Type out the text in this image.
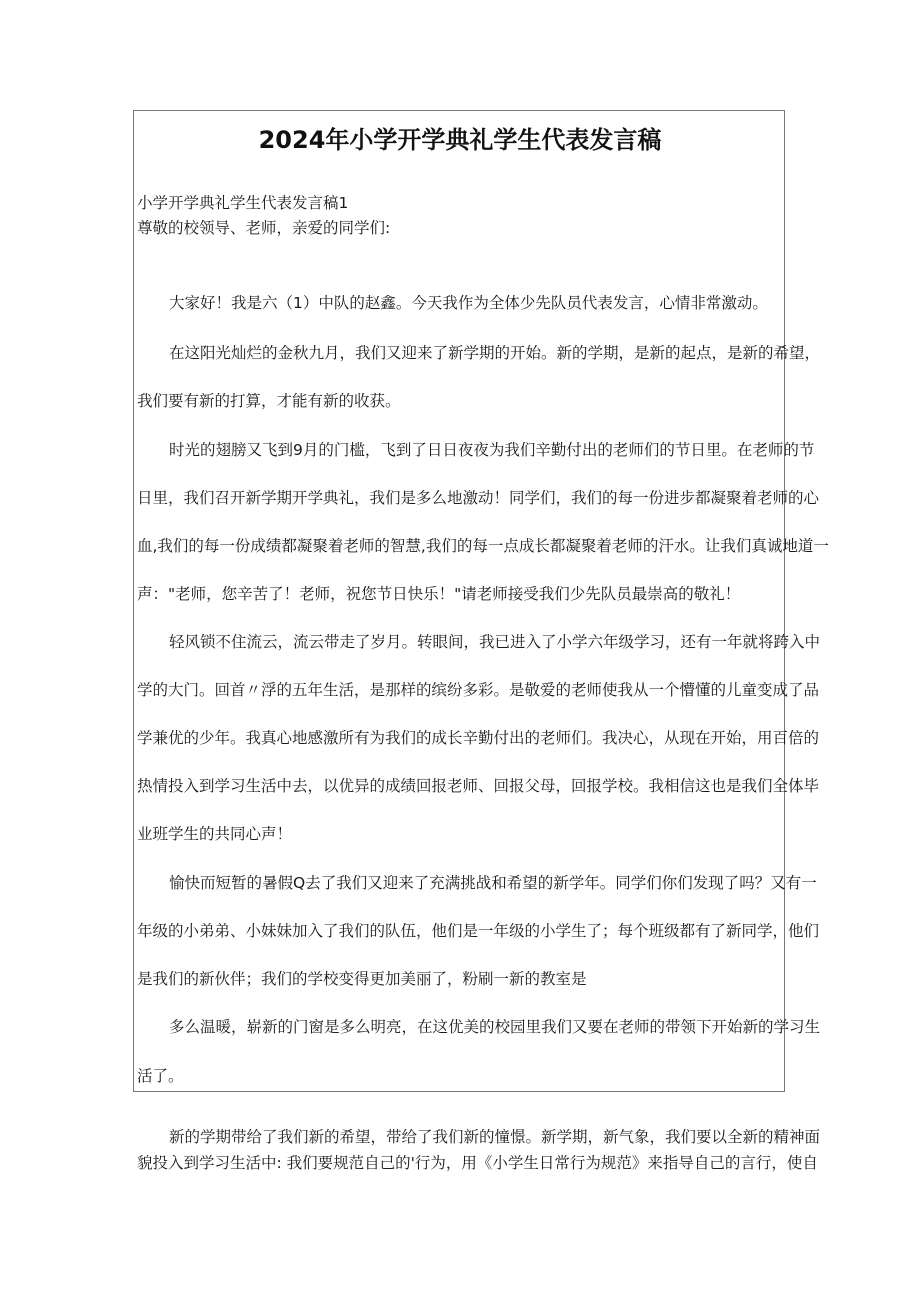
2024年小学开学典礼学生代表发言稿

小学开学典礼学生代表发言稿1

尊敬的校领导、老师，亲爱的同学们:

大家好！我是六（1）中队的赵鑫。今天我作为全体少先队员代表发言，心情非常激动。

在这阳光灿烂的金秋九月，我们又迎来了新学期的开始。新的学期，是新的起点，是新的希望，

我们要有新的打算，才能有新的收获。

时光的翅膀又飞到9月的门槛，飞到了日日夜夜为我们辛勤付出的老师们的节日里。在老师的节

日里，我们召开新学期开学典礼，我们是多么地激动！同学们，我们的每一份进步都凝聚着老师的心

血,我们的每一份成绩都凝聚着老师的智慧,我们的每一点成长都凝聚着老师的汗水。让我们真诚地道一

声："老师，您辛苦了！老师，祝您节日快乐！"请老师接受我们少先队员最崇高的敬礼！

轻风锁不住流云，流云带走了岁月。转眼间，我已进入了小学六年级学习，还有一年就将跨入中

学的大门。回首〃浮的五年生活，是那样的缤纷多彩。是敬爱的老师使我从一个懵懂的儿童变成了品

学兼优的少年。我真心地感激所有为我们的成长辛勤付出的老师们。我决心，从现在开始，用百倍的

热情投入到学习生活中去，以优异的成绩回报老师、回报父母，回报学校。我相信这也是我们全体毕

业班学生的共同心声！

愉快而短暂的暑假Q去了我们又迎来了充满挑战和希望的新学年。同学们你们发现了吗？又有一

年级的小弟弟、小妹妹加入了我们的队伍，他们是一年级的小学生了；每个班级都有了新同学，他们

是我们的新伙伴；我们的学校变得更加美丽了，粉刷一新的教室是

多么温暖，崭新的门窗是多么明亮，在这优美的校园里我们又要在老师的带领下开始新的学习生

活了。

新的学期带给了我们新的希望，带给了我们新的憧憬。新学期，新气象，我们要以全新的精神面

貌投入到学习生活中: 我们要规范自己的'行为，用《小学生日常行为规范》来指导自己的言行，使自
